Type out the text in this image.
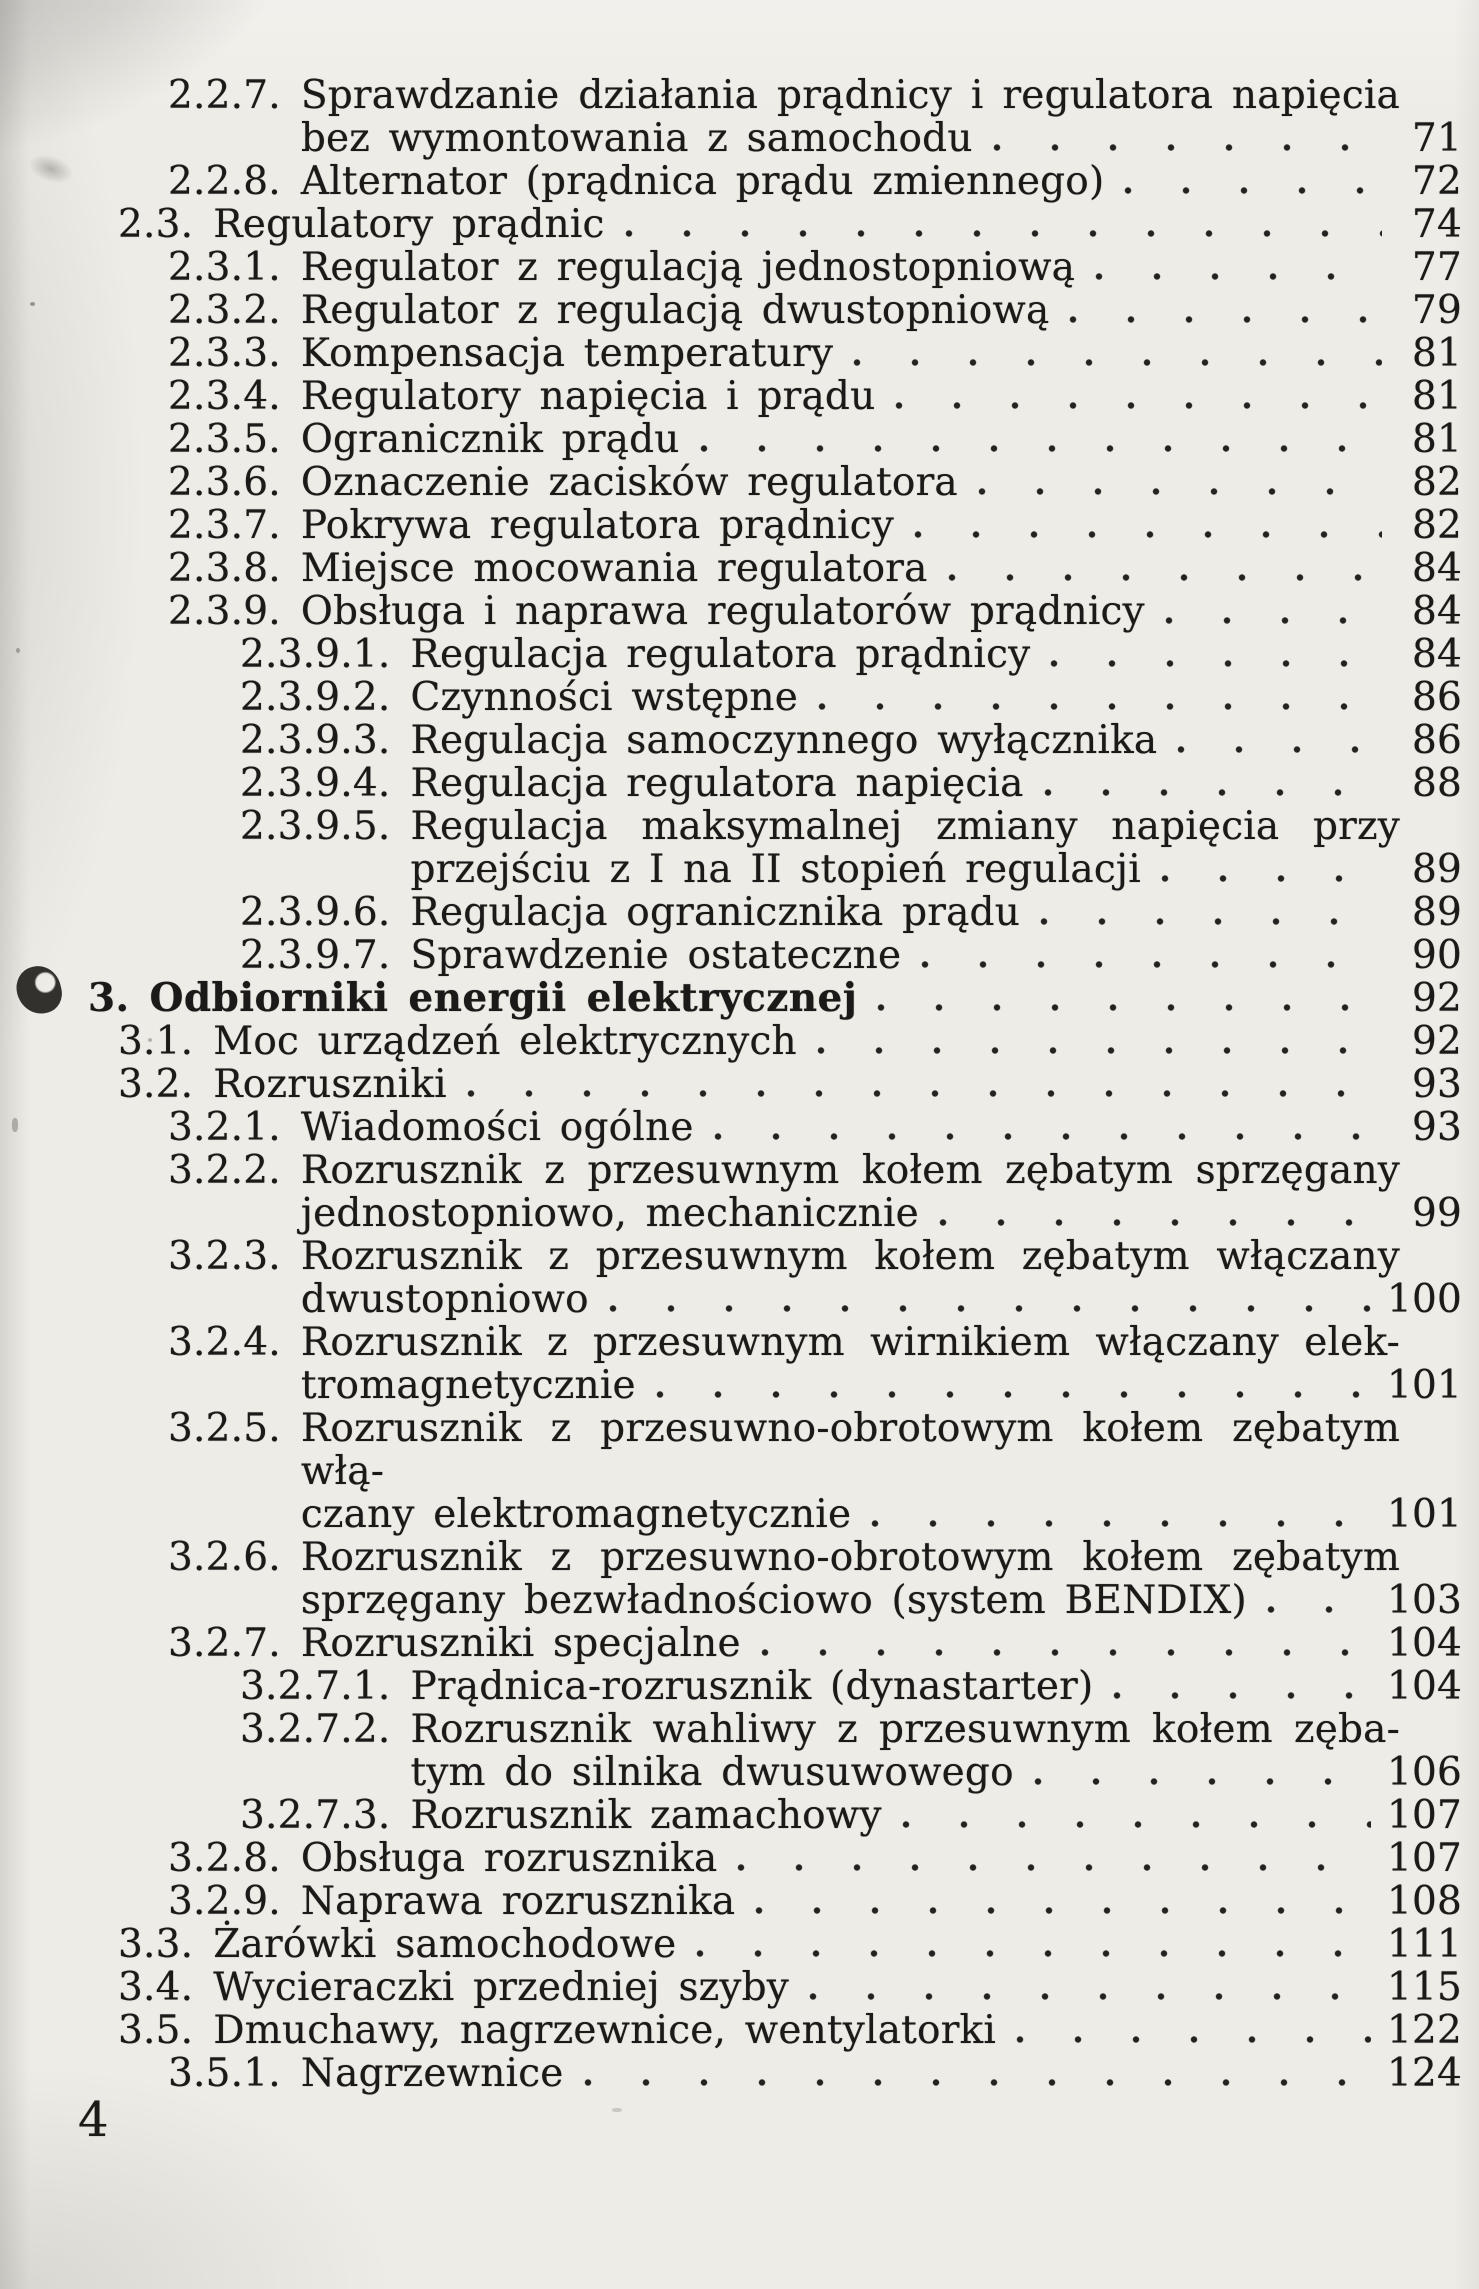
2.2.7. Sprawdzanie działania prądnicy i regulatora napięcia
bez wymontowania z samochodu	71
2.2.8. Alternator (prądnica prądu zmiennego)	72
2.3. Regulatory prądnic	74
2.3.1. Regulator z regulacją jednostopniową	77
2.3.2. Regulator z regulacją dwustopniową	79
2.3.3. Kompensacja temperatury	81
2.3.4. Regulatory napięcia i prądu	81
2.3.5. Ogranicznik prądu	81
2.3.6. Oznaczenie zacisków regulatora	82
2.3.7. Pokrywa regulatora prądnicy	82
2.3.8. Miejsce mocowania regulatora	84
2.3.9. Obsługa i naprawa regulatorów prądnicy	84
2.3.9.1. Regulacja regulatora prądnicy	84
2.3.9.2. Czynności wstępne	86
2.3.9.3. Regulacja samoczynnego wyłącznika	86
2.3.9.4. Regulacja regulatora napięcia	88
2.3.9.5. Regulacja maksymalnej zmiany napięcia przy
przejściu z I na II stopień regulacji	89
2.3.9.6. Regulacja ogranicznika prądu	89
2.3.9.7. Sprawdzenie ostateczne	90
3. Odbiorniki energii elektrycznej	92
3.1. Moc urządzeń elektrycznych	92
3.2. Rozruszniki	93
3.2.1. Wiadomości ogólne	93
3.2.2. Rozrusznik z przesuwnym kołem zębatym sprzęgany
jednostopniowo, mechanicznie	99
3.2.3. Rozrusznik z przesuwnym kołem zębatym włączany
dwustopniowo	100
3.2.4. Rozrusznik z przesuwnym wirnikiem włączany elek-
tromagnetycznie	101
3.2.5. Rozrusznik z przesuwno-obrotowym kołem zębatym włą-
czany elektromagnetycznie	101
3.2.6. Rozrusznik z przesuwno-obrotowym kołem zębatym
sprzęgany bezwładnościowo (system BENDIX)	103
3.2.7. Rozruszniki specjalne	104
3.2.7.1. Prądnica-rozrusznik (dynastarter)	104
3.2.7.2. Rozrusznik wahliwy z przesuwnym kołem zęba-
tym do silnika dwusuwowego	106
3.2.7.3. Rozrusznik zamachowy	107
3.2.8. Obsługa rozrusznika	107
3.2.9. Naprawa rozrusznika	108
3.3. Żarówki samochodowe	111
3.4. Wycieraczki przedniej szyby	115
3.5. Dmuchawy, nagrzewnice, wentylatorki	122
3.5.1. Nagrzewnice	124
4
